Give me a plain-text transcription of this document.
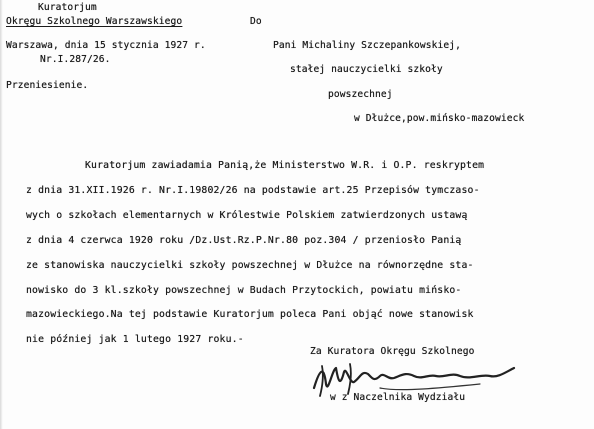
Kuratorjum
Okręgu Szkolnego Warszawskiego	Do
Warszawa, dnia 15 stycznia 1927 r.
Nr.I.287/26.
Przeniesienie.
Pani Michaliny Szczepankowskiej,
stałej nauczycielki szkoły
powszechnej
w Dłużce,pow.mińsko-mazowieck
Kuratorjum zawiadamia Panią,że Ministerstwo W.R. i O.P. reskryptem
z dnia 31.XII.1926 r. Nr.I.19802/26 na podstawie art.25 Przepisów tymczaso-
wych o szkołach elementarnych w Królestwie Polskiem zatwierdzonych ustawą
z dnia 4 czerwca 1920 roku /Dz.Ust.Rz.P.Nr.80 poz.304 / przeniosło Panią
ze stanowiska nauczycielki szkoły powszechnej w Dłużce na równorzędne sta-
nowisko do 3 kl.szkoły powszechnej w Budach Przytockich, powiatu mińsko-
mazowieckiego.Na tej podstawie Kuratorjum poleca Pani objąć nowe stanowisk
nie później jak 1 lutego 1927 roku.-
Za Kuratora Okręgu Szkolnego
w z Naczelnika Wydziału
